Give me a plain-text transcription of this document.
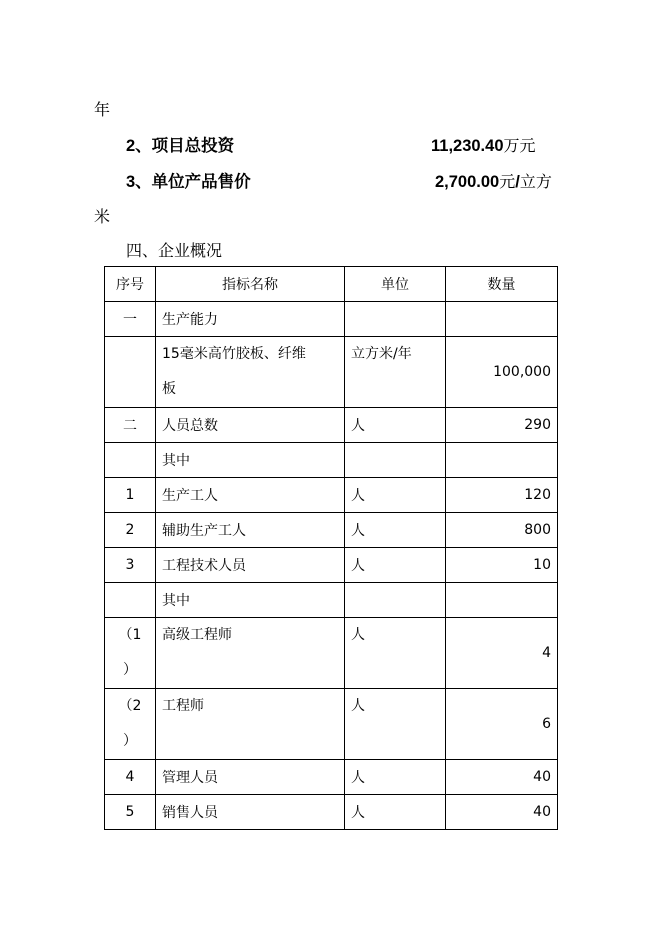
年
2、项目总投资	11,230.40万元
3、单位产品售价	2,700.00元/立方
米
四、企业概况
序号	指标名称	单位	数量
一	生产能力		

	15毫米高竹胶板、纤维
板	立方米/年	100,000
二	人员总数	人	290
	其中		
1	生产工人	人	120
2	辅助生产工人	人	800
3	工程技术人员	人	10
	其中		

（1
）	高级工程师	人	4

（2
）	工程师	人	6
4	管理人员	人	40
5	销售人员	人	40
